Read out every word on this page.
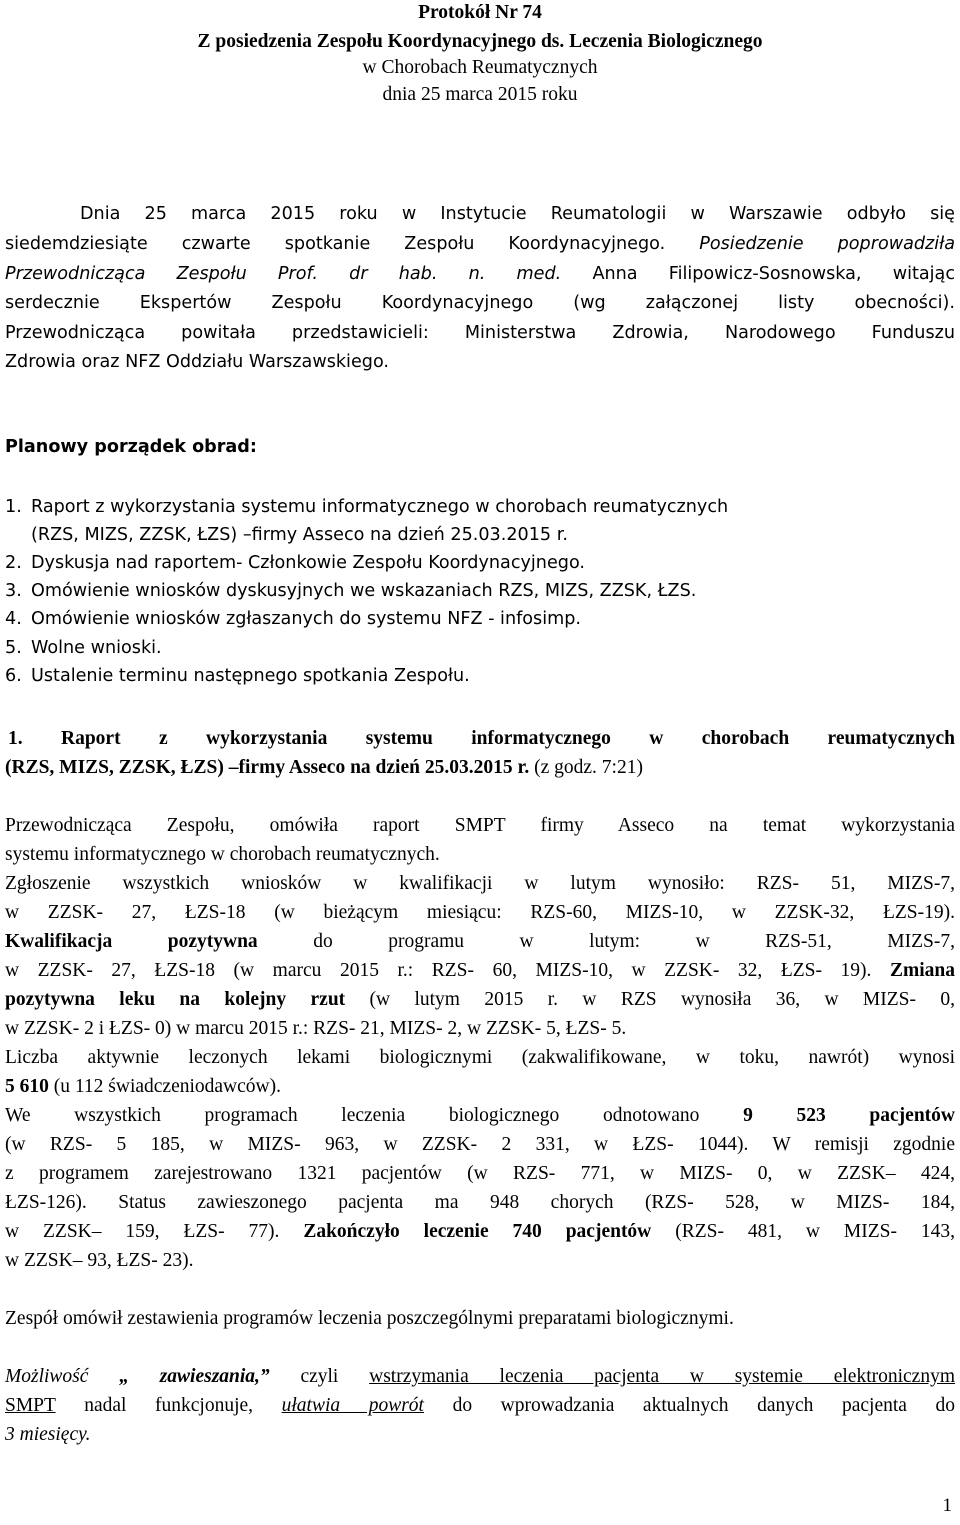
Protokół Nr 74
Z posiedzenia Zespołu Koordynacyjnego ds. Leczenia Biologicznego
w Chorobach Reumatycznych
dnia 25 marca 2015 roku
Dnia 25 marca 2015 roku w Instytucie Reumatologii w Warszawie odbyło się
siedemdziesiąte czwarte spotkanie Zespołu Koordynacyjnego. Posiedzenie poprowadziła
Przewodnicząca Zespołu Prof. dr hab. n. med. Anna Filipowicz-Sosnowska, witając
serdecznie Ekspertów Zespołu Koordynacyjnego (wg załączonej listy obecności).
Przewodnicząca powitała przedstawicieli: Ministerstwa Zdrowia, Narodowego Funduszu
Zdrowia oraz NFZ Oddziału Warszawskiego.
Planowy porządek obrad:
1. Raport z wykorzystania systemu informatycznego w chorobach reumatycznych
(RZS, MIZS, ZZSK, ŁZS) –firmy Asseco na dzień 25.03.2015 r.
2. Dyskusja nad raportem- Członkowie Zespołu Koordynacyjnego.
3. Omówienie wniosków dyskusyjnych we wskazaniach RZS, MIZS, ZZSK, ŁZS.
4. Omówienie wniosków zgłaszanych do systemu NFZ - infosimp.
5. Wolne wnioski.
6. Ustalenie terminu następnego spotkania Zespołu.
1. Raport z wykorzystania systemu informatycznego w chorobach reumatycznych
(RZS, MIZS, ZZSK, ŁZS) –firmy Asseco na dzień 25.03.2015 r. (z godz. 7:21)
Przewodnicząca Zespołu, omówiła raport SMPT firmy Asseco na temat wykorzystania
systemu informatycznego w chorobach reumatycznych.
Zgłoszenie wszystkich wniosków w kwalifikacji w lutym wynosiło: RZS- 51, MIZS-7,
w ZZSK- 27, ŁZS-18 (w bieżącym miesiącu: RZS-60, MIZS-10, w ZZSK-32, ŁZS-19).
Kwalifikacja pozytywna	do programu w lutym: w RZS-51, MIZS-7,
w ZZSK- 27, ŁZS-18 (w marcu 2015 r.: RZS- 60, MIZS-10, w ZZSK- 32, ŁZS- 19). Zmiana
pozytywna leku na kolejny rzut (w lutym 2015 r. w RZS wynosiła 36, w MIZS- 0,
w ZZSK- 2 i ŁZS- 0) w marcu 2015 r.: RZS- 21, MIZS- 2, w ZZSK- 5, ŁZS- 5.
Liczba aktywnie leczonych lekami biologicznymi (zakwalifikowane, w toku, nawrót) wynosi
5 610 (u 112 świadczeniodawców).
We wszystkich programach leczenia biologicznego odnotowano 9 523 pacjentów
(w RZS- 5 185, w MIZS- 963, w ZZSK- 2 331, w ŁZS- 1044). W remisji zgodnie
z programem zarejestrowano 1321 pacjentów (w RZS- 771, w MIZS- 0, w ZZSK– 424,
ŁZS-126). Status zawieszonego pacjenta ma 948 chorych (RZS- 528, w MIZS- 184,
w ZZSK– 159, ŁZS- 77). Zakończyło leczenie 740 pacjentów (RZS- 481, w MIZS- 143,
w ZZSK– 93, ŁZS- 23).
Zespół omówił zestawienia programów leczenia poszczególnymi preparatami biologicznymi.
Możliwość „ zawieszania,” czyli wstrzymania leczenia pacjenta w systemie elektronicznym
SMPT nadal funkcjonuje, ułatwia powrót do wprowadzania aktualnych danych pacjenta do
3 miesięcy.
1
